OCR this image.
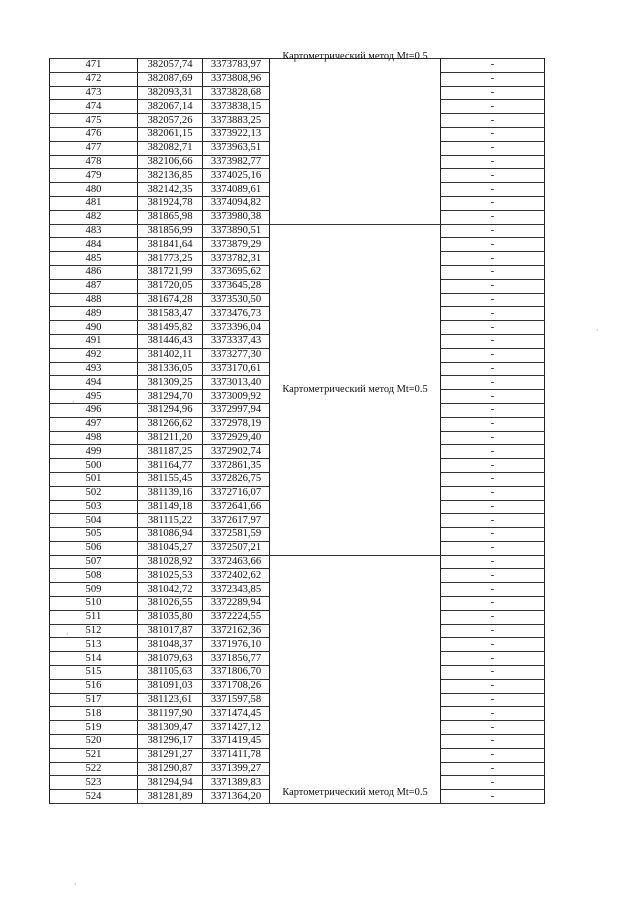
471	382057,74	3373783,97	Картометрический метод Mt=0.5	-
472	382087,69	3373808,96		-
473	382093,31	3373828,68		-
474	382067,14	3373838,15		-
475	382057,26	3373883,25		-
476	382061,15	3373922,13		-
477	382082,71	3373963,51		-
478	382106,66	3373982,77		-
479	382136,85	3374025,16		-
480	382142,35	3374089,61		-
481	381924,78	3374094,82		-
482	381865,98	3373980,38		-
483	381856,99	3373890,51	Картометрический метод Mt=0.5	-
484	381841,64	3373879,29		-
485	381773,25	3373782,31		-
486	381721,99	3373695,62		-
487	381720,05	3373645,28		-
488	381674,28	3373530,50		-
489	381583,47	3373476,73		-
490	381495,82	3373396,04		-
491	381446,43	3373337,43		-
492	381402,11	3373277,30		-
493	381336,05	3373170,61		-
494	381309,25	3373013,40		-
495	381294,70	3373009,92		-
496	381294,96	3372997,94		-
497	381266,62	3372978,19		-
498	381211,20	3372929,40		-
499	381187,25	3372902,74		-
500	381164,77	3372861,35		-
501	381155,45	3372826,75		-
502	381139,16	3372716,07		-
503	381149,18	3372641,66		-
504	381115,22	3372617,97		-
505	381086,94	3372581,59		-
506	381045,27	3372507,21		-
507	381028,92	3372463,66	Картометрический метод Mt=0.5	-
508	381025,53	3372402,62		-
509	381042,72	3372343,85		-
510	381026,55	3372289,94		-
511	381035,80	3372224,55		-
512	381017,87	3372162,36		-
513	381048,37	3371976,10		-
514	381079,63	3371856,77		-
515	381105,63	3371806,70		-
516	381091,03	3371708,26		-
517	381123,61	3371597,58		-
518	381197,90	3371474,45		-
519	381309,47	3371427,12		-
520	381296,17	3371419,45		-
521	381291,27	3371411,78		-
522	381290,87	3371399,27		-
523	381294,94	3371389,83		-
524	381281,89	3371364,20		-
·
·
·
·
